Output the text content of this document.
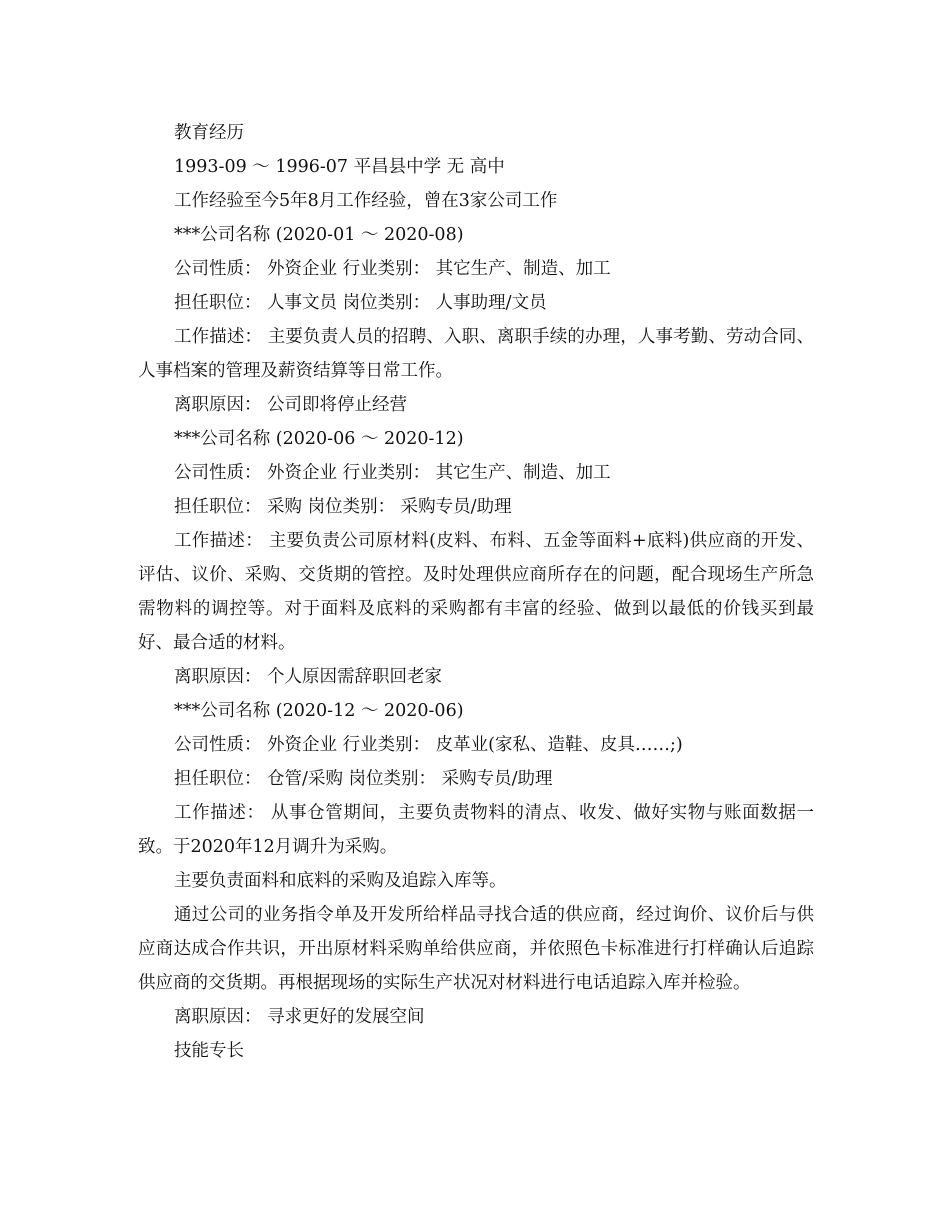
教育经历

1993-09 ～ 1996-07 平昌县中学 无 高中

工作经验至今5年8月工作经验，曾在3家公司工作

***公司名称 (2020-01 ～ 2020-08)

公司性质： 外资企业 行业类别： 其它生产、制造、加工

担任职位： 人事文员 岗位类别： 人事助理/文员

工作描述： 主要负责人员的招聘、入职、离职手续的办理，人事考勤、劳动合同、人事档案的管理及薪资结算等日常工作。

离职原因： 公司即将停止经营

***公司名称 (2020-06 ～ 2020-12)

公司性质： 外资企业 行业类别： 其它生产、制造、加工

担任职位： 采购 岗位类别： 采购专员/助理

工作描述： 主要负责公司原材料(皮料、布料、五金等面料+底料)供应商的开发、评估、议价、采购、交货期的管控。及时处理供应商所存在的问题，配合现场生产所急需物料的调控等。对于面料及底料的采购都有丰富的经验、做到以最低的价钱买到最好、最合适的材料。

离职原因： 个人原因需辞职回老家

***公司名称 (2020-12 ～ 2020-06)

公司性质： 外资企业 行业类别： 皮革业(家私、造鞋、皮具……;)

担任职位： 仓管/采购 岗位类别： 采购专员/助理

工作描述： 从事仓管期间，主要负责物料的清点、收发、做好实物与账面数据一致。于2020年12月调升为采购。

主要负责面料和底料的采购及追踪入库等。

通过公司的业务指令单及开发所给样品寻找合适的供应商，经过询价、议价后与供应商达成合作共识，开出原材料采购单给供应商，并依照色卡标准进行打样确认后追踪供应商的交货期。再根据现场的实际生产状况对材料进行电话追踪入库并检验。

离职原因： 寻求更好的发展空间

技能专长
